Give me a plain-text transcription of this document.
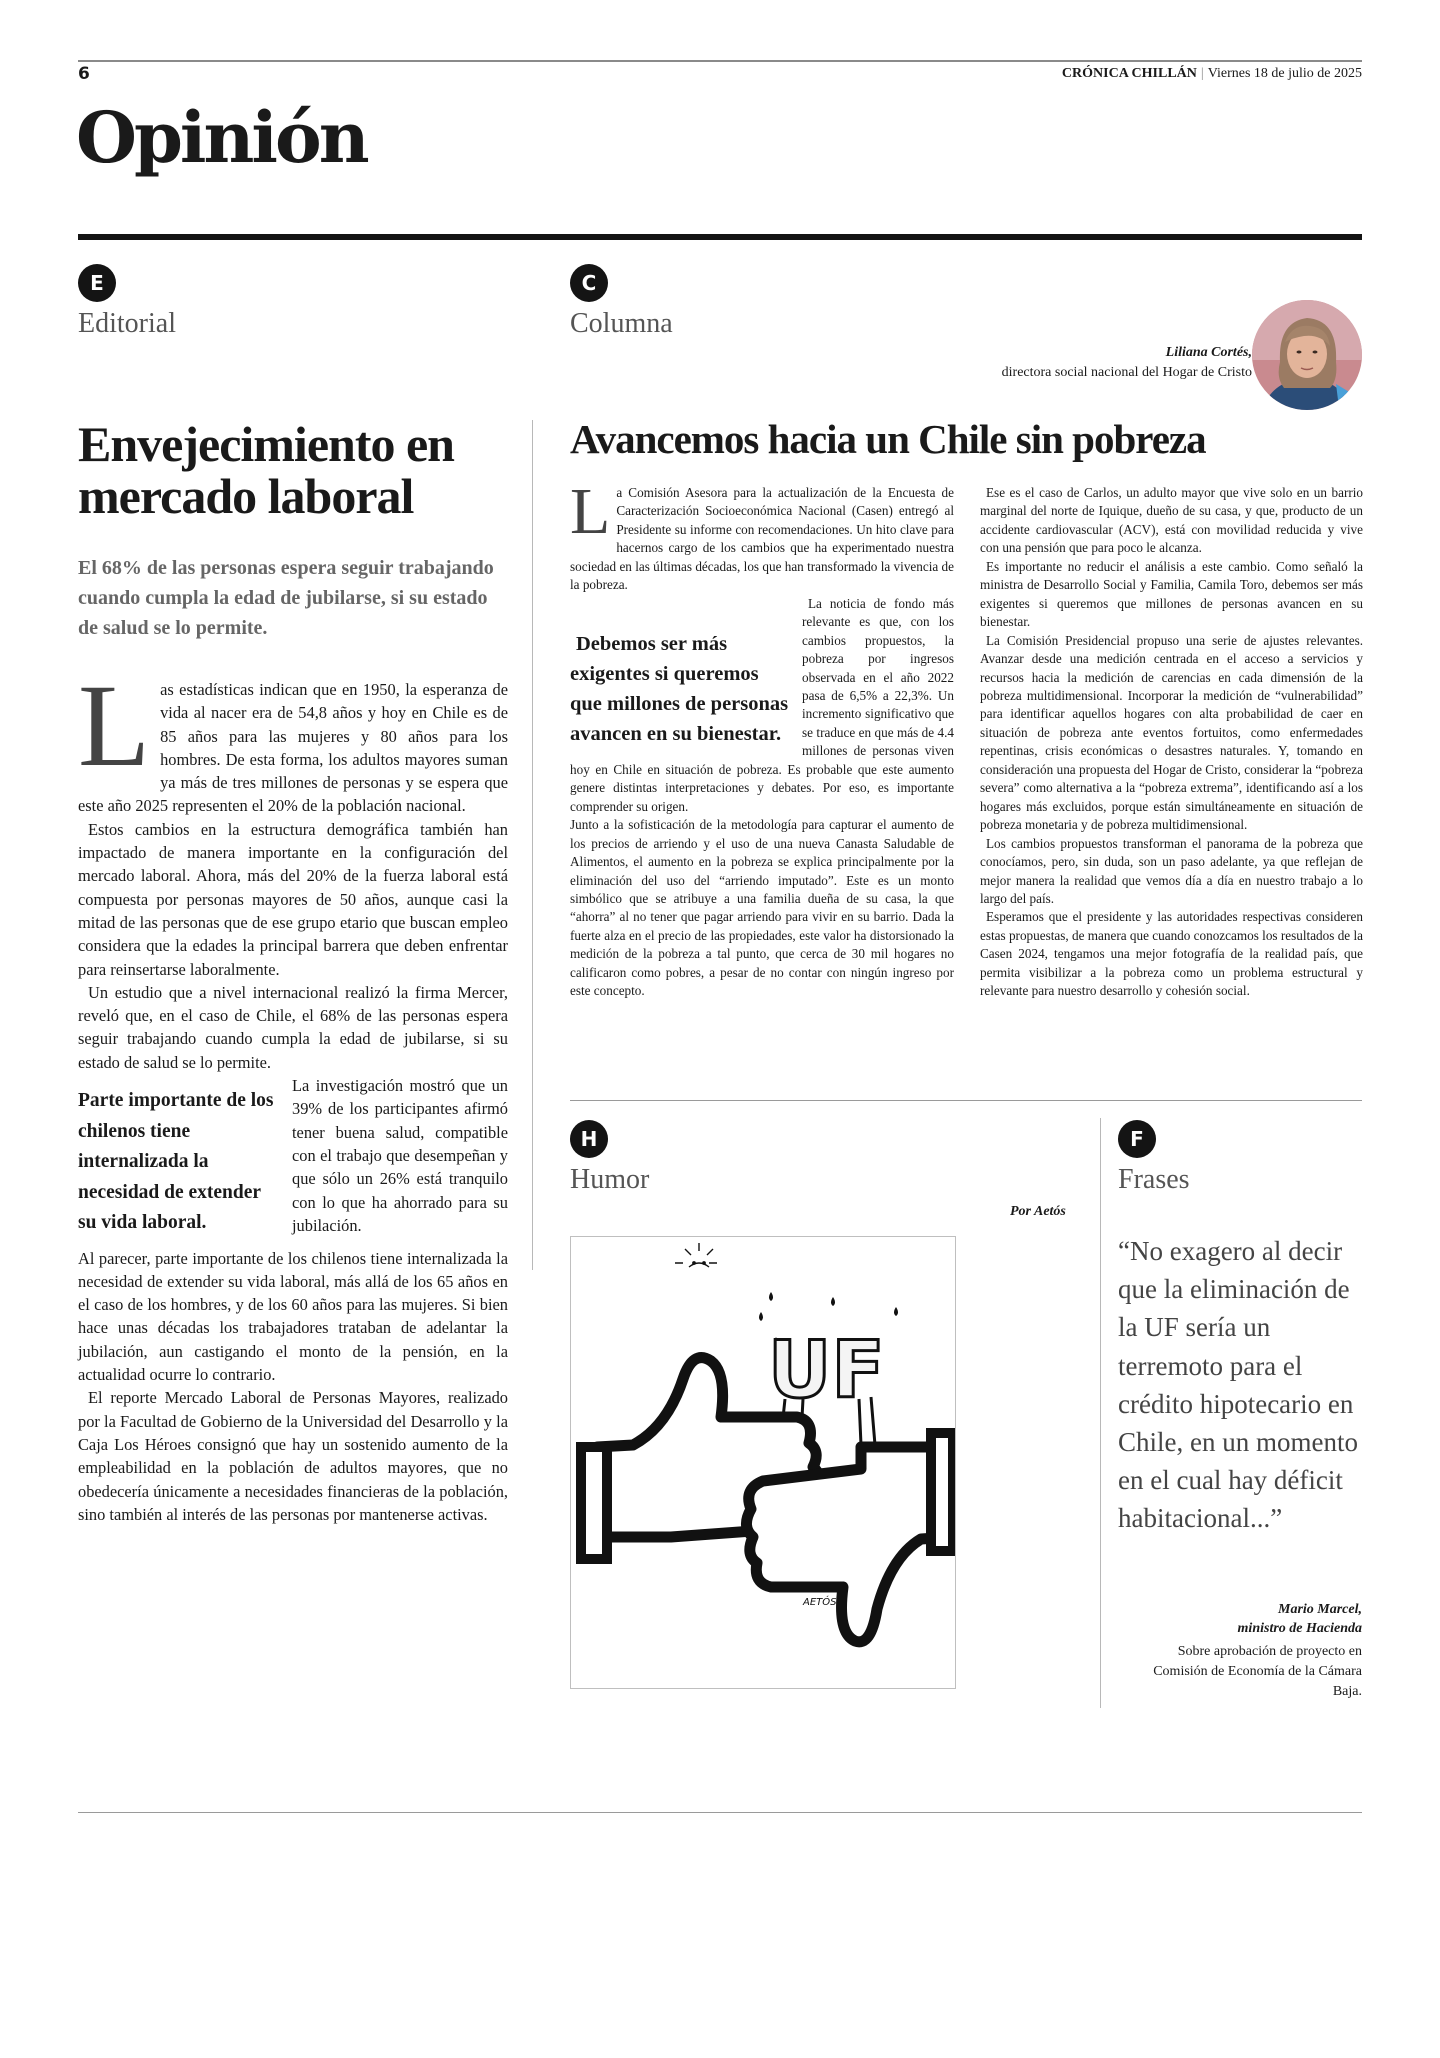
6	CRÓNICA CHILLÁN | Viernes 18 de julio de 2025
Opinión
E
Editorial
Envejecimiento en mercado laboral
El 68% de las personas espera seguir trabajando cuando cumpla la edad de jubilarse, si su estado de salud se lo permite.

Las estadísticas indican que en 1950, la esperanza de vida al nacer era de 54,8 años y hoy en Chile es de 85 años para las mujeres y 80 años para los hombres. De esta forma, los adultos mayores suman ya más de tres millones de personas y se espera que este año 2025 representen el 20% de la población nacional.

Estos cambios en la estructura demográfica también han impactado de manera importante en la configuración del mercado laboral. Ahora, más del 20% de la fuerza laboral está compuesta por personas mayores de 50 años, aunque casi la mitad de las personas que de ese grupo etario que buscan empleo considera que la edades la principal barrera que deben enfrentar para reinsertarse laboralmente.

Un estudio que a nivel internacional realizó la firma Mercer, reveló que, en el caso de Chile, el 68% de las personas espera seguir trabajando cuando cumpla la edad de jubilarse, si su estado de salud se lo permite.

Parte importante de los chilenos tiene internalizada la necesidad de extender su vida laboral.
La investigación mostró que un 39% de los participantes afirmó tener buena salud, compatible con el trabajo que desempeñan y que sólo un 26% está tranquilo con lo que ha ahorrado para su jubilación.

Al parecer, parte importante de los chilenos tiene internalizada la necesidad de extender su vida laboral, más allá de los 65 años en el caso de los hombres, y de los 60 años para las mujeres. Si bien hace unas décadas los trabajadores trataban de adelantar la jubilación, aun castigando el monto de la pensión, en la actualidad ocurre lo contrario.

El reporte Mercado Laboral de Personas Mayores, realizado por la Facultad de Gobierno de la Universidad del Desarrollo y la Caja Los Héroes consignó que hay un sostenido aumento de la empleabilidad en la población de adultos mayores, que no obedecería únicamente a necesidades financieras de la población, sino también al interés de las personas por mantenerse activas.

C
Columna
Liliana Cortés,
directora social nacional del Hogar de Cristo
Avancemos hacia un Chile sin pobreza

La Comisión Asesora para la actualización de la Encuesta de Caracterización Socioeconómica Nacional (Casen) entregó al Presidente su informe con recomendaciones. Un hito clave para hacernos cargo de los cambios que ha experimentado nuestra sociedad en las últimas décadas, los que han transformado la vivencia de la pobreza.

Debemos ser más exigentes si queremos que millones de personas avancen en su bienestar.
La noticia de fondo más relevante es que, con los cambios propuestos, la pobreza por ingresos observada en el año 2022 pasa de 6,5% a 22,3%. Un incremento significativo que se traduce en que más de 4.4 millones de personas viven hoy en Chile en situación de pobreza. Es probable que este aumento genere distintas interpretaciones y debates. Por eso, es importante comprender su origen.

Junto a la sofisticación de la metodología para capturar el aumento de los precios de arriendo y el uso de una nueva Canasta Saludable de Alimentos, el aumento en la pobreza se explica principalmente por la eliminación del uso del “arriendo imputado”. Este es un monto simbólico que se atribuye a una familia dueña de su casa, la que “ahorra” al no tener que pagar arriendo para vivir en su barrio. Dada la fuerte alza en el precio de las propiedades, este valor ha distorsionado la medición de la pobreza a tal punto, que cerca de 30 mil hogares no calificaron como pobres, a pesar de no contar con ningún ingreso por este concepto.

Ese es el caso de Carlos, un adulto mayor que vive solo en un barrio marginal del norte de Iquique, dueño de su casa, y que, producto de un accidente cardiovascular (ACV), está con movilidad reducida y vive con una pensión que para poco le alcanza.

Es importante no reducir el análisis a este cambio. Como señaló la ministra de Desarrollo Social y Familia, Camila Toro, debemos ser más exigentes si queremos que millones de personas avancen en su bienestar.

La Comisión Presidencial propuso una serie de ajustes relevantes. Avanzar desde una medición centrada en el acceso a servicios y recursos hacia la medición de carencias en cada dimensión de la pobreza multidimensional. Incorporar la medición de “vulnerabilidad” para identificar aquellos hogares con alta probabilidad de caer en situación de pobreza ante eventos fortuitos, como enfermedades repentinas, crisis económicas o desastres naturales. Y, tomando en consideración una propuesta del Hogar de Cristo, considerar la “pobreza severa” como alternativa a la “pobreza extrema”, identificando así a los hogares más excluidos, porque están simultáneamente en situación de pobreza monetaria y de pobreza multidimensional.

Los cambios propuestos transforman el panorama de la pobreza que conocíamos, pero, sin duda, son un paso adelante, ya que reflejan de mejor manera la realidad que vemos día a día en nuestro trabajo a lo largo del país.

Esperamos que el presidente y las autoridades respectivas consideren estas propuestas, de manera que cuando conozcamos los resultados de la Casen 2024, tengamos una mejor fotografía de la realidad país, que permita visibilizar a la pobreza como un problema estructural y relevante para nuestro desarrollo y cohesión social.

H
Humor
Por Aetós
AETÓS
UF
F
Frases
“No exagero al decir que la eliminación de la UF sería un terremoto para el crédito hipotecario en Chile, en un momento en el cual hay déficit habitacional...”
Mario Marcel,
ministro de Hacienda
Sobre aprobación de proyecto en Comisión de Economía de la Cámara Baja.
